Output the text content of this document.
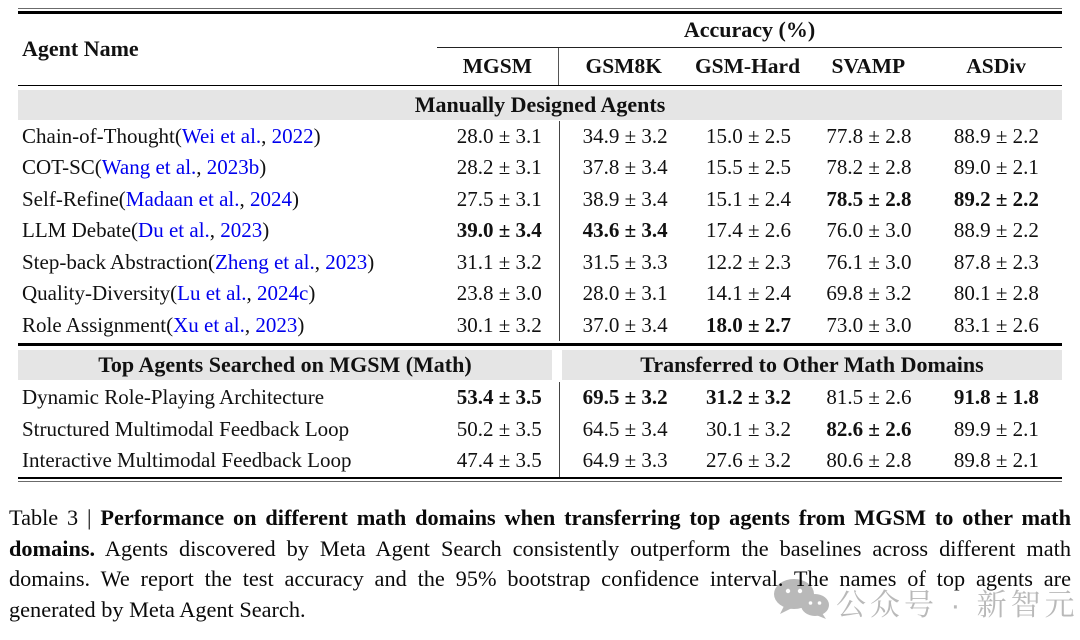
Agent Name
Accuracy (%)
MGSM	GSM8K	GSM-Hard	SVAMP	ASDiv
Manually Designed Agents
Chain-of-Thought (Wei et al., 2022)	28.0 ± 3.1	34.9 ± 3.2	15.0 ± 2.5	77.8 ± 2.8	88.9 ± 2.2
COT-SC (Wang et al., 2023b)	28.2 ± 3.1	37.8 ± 3.4	15.5 ± 2.5	78.2 ± 2.8	89.0 ± 2.1
Self-Refine (Madaan et al., 2024)	27.5 ± 3.1	38.9 ± 3.4	15.1 ± 2.4	78.5 ± 2.8	89.2 ± 2.2
LLM Debate (Du et al., 2023)	39.0 ± 3.4	43.6 ± 3.4	17.4 ± 2.6	76.0 ± 3.0	88.9 ± 2.2
Step-back Abstraction (Zheng et al., 2023)	31.1 ± 3.2	31.5 ± 3.3	12.2 ± 2.3	76.1 ± 3.0	87.8 ± 2.3
Quality-Diversity (Lu et al., 2024c)	23.8 ± 3.0	28.0 ± 3.1	14.1 ± 2.4	69.8 ± 3.2	80.1 ± 2.8
Role Assignment (Xu et al., 2023)	30.1 ± 3.2	37.0 ± 3.4	18.0 ± 2.7	73.0 ± 3.0	83.1 ± 2.6
Top Agents Searched on MGSM (Math)	Transferred to Other Math Domains
Dynamic Role-Playing Architecture	53.4 ± 3.5	69.5 ± 3.2	31.2 ± 3.2	81.5 ± 2.6	91.8 ± 1.8
Structured Multimodal Feedback Loop	50.2 ± 3.5	64.5 ± 3.4	30.1 ± 3.2	82.6 ± 2.6	89.9 ± 2.1
Interactive Multimodal Feedback Loop	47.4 ± 3.5	64.9 ± 3.3	27.6 ± 3.2	80.6 ± 2.8	89.8 ± 2.1
公众号 · 新智元
Table 3 | Performance on different math domains when transferring top agents from MGSM to other math domains. Agents discovered by Meta Agent Search consistently outperform the baselines across different math domains. We report the test accuracy and the 95% bootstrap confidence interval. The names of top agents are generated by Meta Agent Search.
